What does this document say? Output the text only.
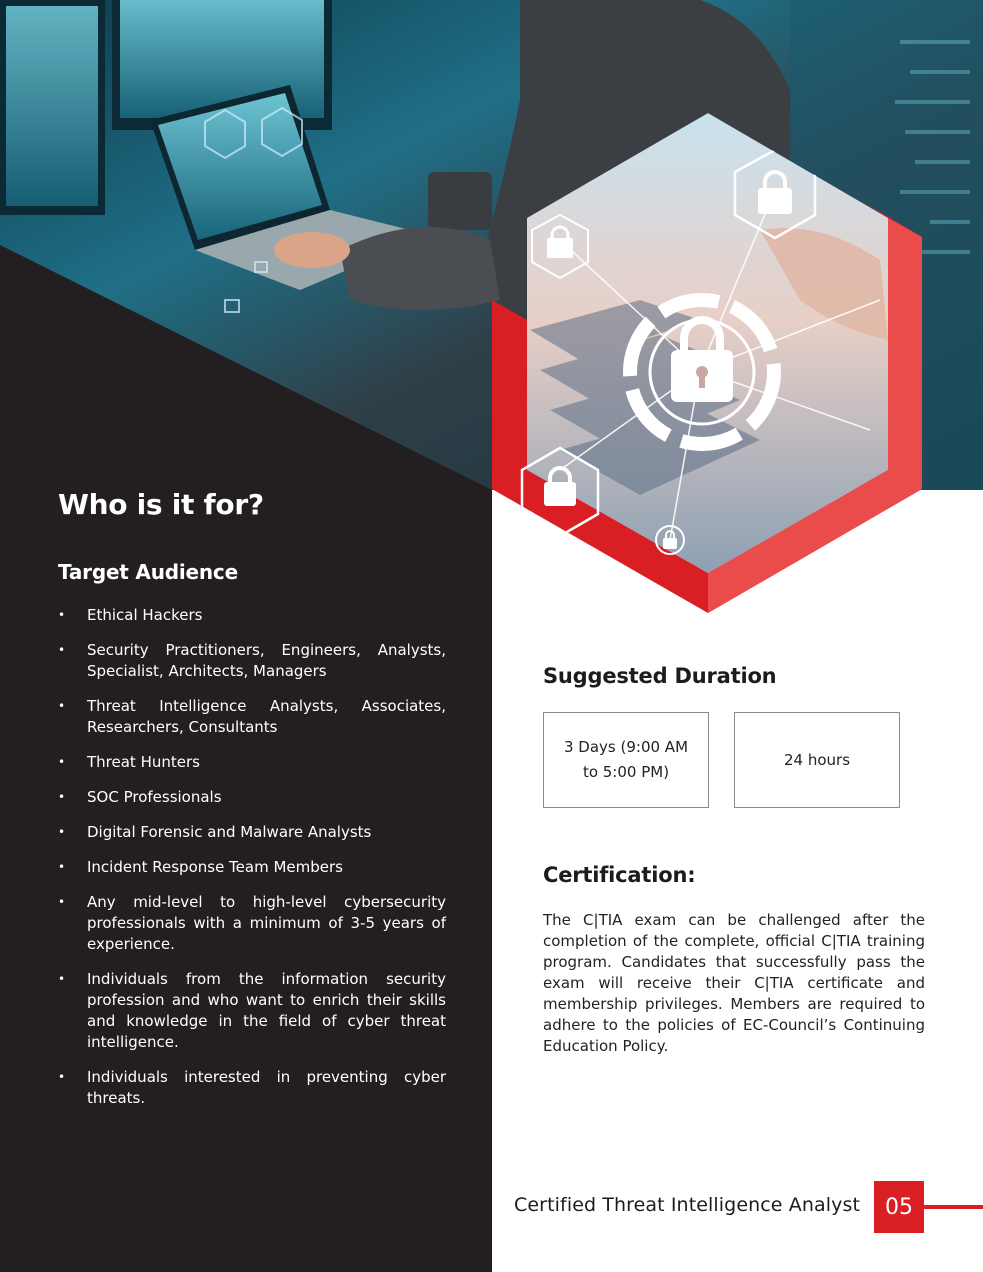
Who is it for?
Target Audience
• Ethical Hackers
• Security Practitioners, Engineers, Analysts, Specialist, Architects, Managers
• Threat Intelligence Analysts, Associates, Researchers, Consultants
• Threat Hunters
• SOC Professionals
• Digital Forensic and Malware Analysts
• Incident Response Team Members
• Any mid-level to high-level cybersecurity professionals with a minimum of 3-5 years of experience.
• Individuals from the information security profession and who want to enrich their skills and knowledge in the field of cyber threat intelligence.
• Individuals interested in preventing cyber threats.
Suggested Duration
3 Days (9:00 AM
to 5:00 PM)
24 hours
Certification:

The C|TIA exam can be challenged after the completion of the complete, official C|TIA training program. Candidates that successfully pass the exam will receive their C|TIA certificate and membership privileges. Members are required to adhere to the policies of EC-Council’s Continuing Education Policy.

Certified Threat Intelligence Analyst	05
